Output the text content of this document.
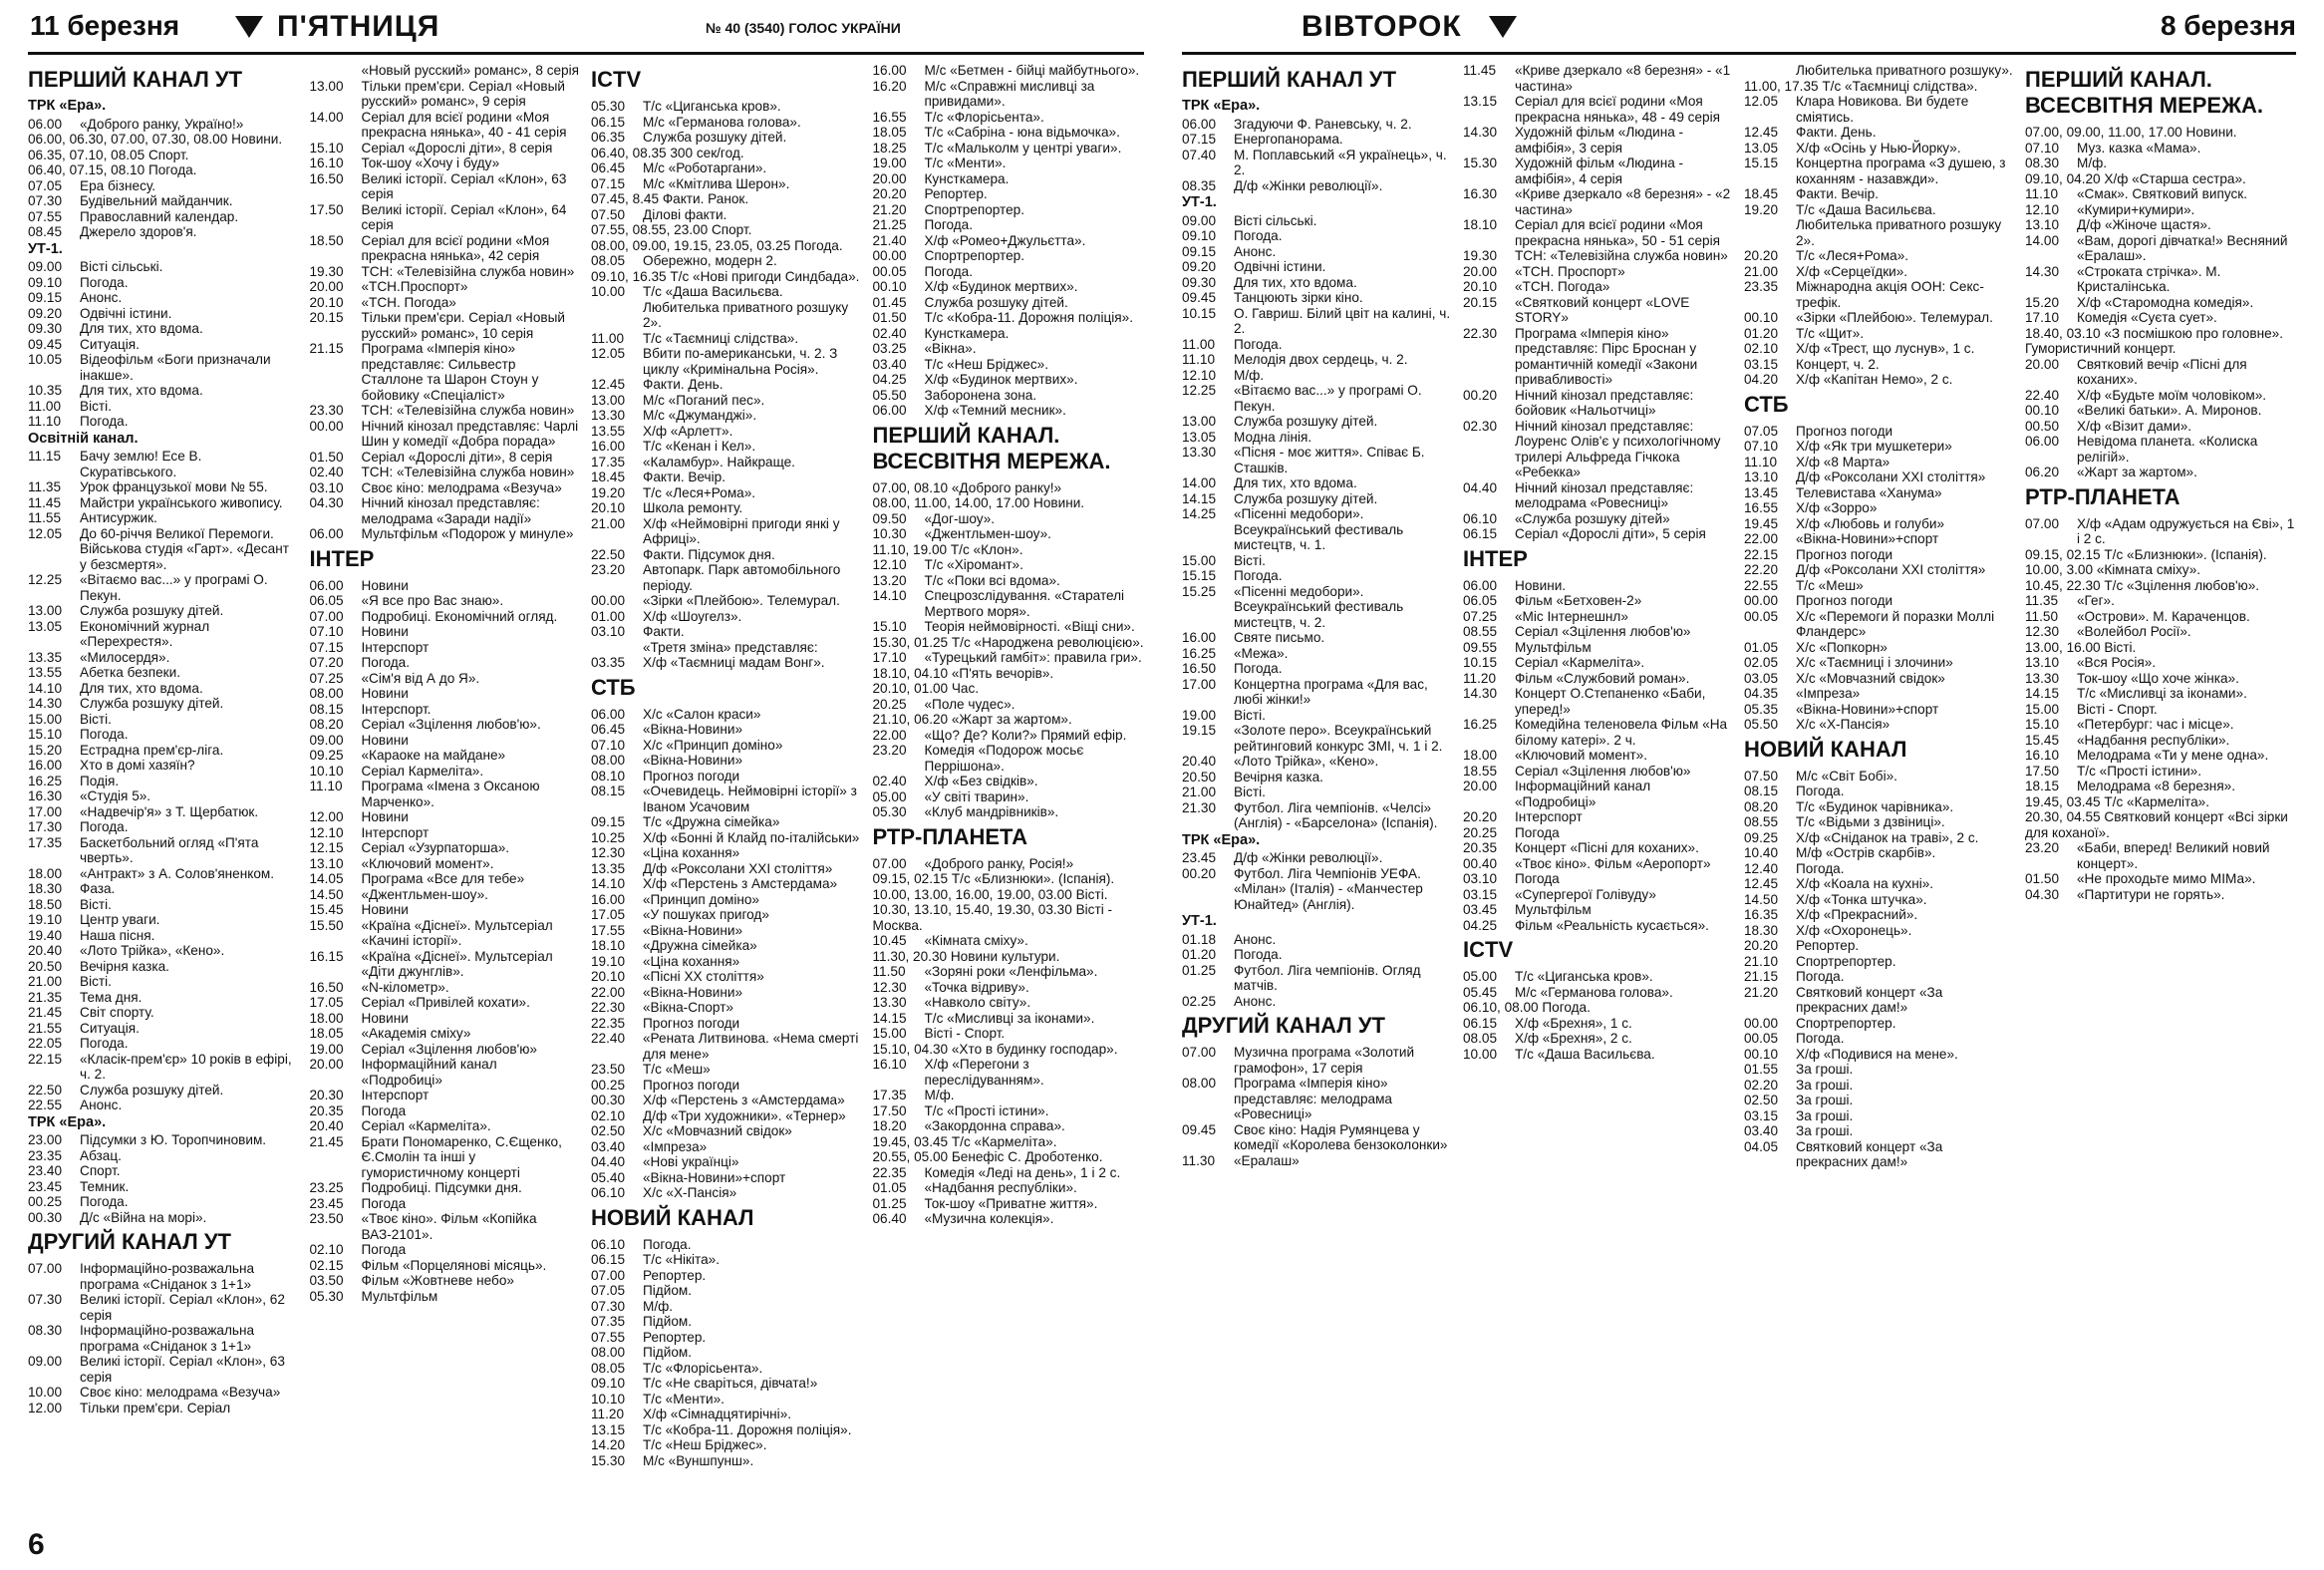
11 березня	П'ЯТНИЦЯ	№ 40 (3540) ГОЛОС УКРАЇНИ
ПЕРШИЙ КАНАЛ УТ
ТРК «Ера».
06.00	«Доброго ранку, Україно!»
06.00, 06.30, 07.00, 07.30, 08.00 Новини.
06.35, 07.10, 08.05 Спорт.
06.40, 07.15, 08.10 Погода.
07.05	Ера бізнесу.
07.30	Будівельний майданчик.
07.55	Православний календар.
08.45	Джерело здоров'я.
УТ-1.
09.00	Вісті сільські.
09.10	Погода.
09.15	Анонс.
09.20	Одвічні істини.
09.30	Для тих, хто вдома.
09.45	Ситуація.
10.05	Відеофільм «Боги призначали інакше».
10.35	Для тих, хто вдома.
11.00	Вісті.
11.10	Погода.
Освітній канал.
11.15	Бачу землю! Есе В. Скуратівського.
11.35	Урок французької мови № 55.
11.45	Майстри українського живопису.
11.55	Антисуржик.
12.05	До 60-річчя Великої Перемоги. Військова студія «Гарт». «Десант у безсмертя».
12.25	«Вітаємо вас...» у програмі О. Пекун.
13.00	Служба розшуку дітей.
13.05	Економічний журнал «Перехрестя».
13.35	«Милосердя».
13.55	Абетка безпеки.
14.10	Для тих, хто вдома.
14.30	Служба розшуку дітей.
15.00	Вісті.
15.10	Погода.
15.20	Естрадна прем'єр-ліга.
16.00	Хто в домі хазяїн?
16.25	Подія.
16.30	«Студія 5».
17.00	«Надвечір'я» з Т. Щербатюк.
17.30	Погода.
17.35	Баскетбольний огляд «П'ята чверть».
18.00	«Антракт» з А. Солов'яненком.
18.30	Фаза.
18.50	Вісті.
19.10	Центр уваги.
19.40	Наша пісня.
20.40	«Лото Трійка», «Кено».
20.50	Вечірня казка.
21.00	Вісті.
21.35	Тема дня.
21.45	Світ спорту.
21.55	Ситуація.
22.05	Погода.
22.15	«Класік-прем'єр» 10 років в ефірі, ч. 2.
22.50	Служба розшуку дітей.
22.55	Анонс.
ТРК «Ера».
23.00	Підсумки з Ю. Торопчиновим.
23.35	Абзац.
23.40	Спорт.
23.45	Темник.
00.25	Погода.
00.30	Д/с «Війна на морі».
ДРУГИЙ КАНАЛ УТ
07.00	Інформаційно-розважальна програма «Сніданок з 1+1»
07.30	Великі історії. Серіал «Клон», 62 серія
08.30	Інформаційно-розважальна програма «Сніданок з 1+1»
09.00	Великі історії. Серіал «Клон», 63 серія
10.00	Своє кіно: мелодрама «Везуча»
12.00	Тільки прем'єри. Серіал
«Новый русский» романс», 8 серія
13.00	Тільки прем'єри. Серіал «Новый русский» романс», 9 серія
14.00	Серіал для всієї родини «Моя прекрасна нянька», 40 - 41 серія
15.10	Серіал «Дорослі діти», 8 серія
16.10	Ток-шоу «Хочу і буду»
16.50	Великі історії. Серіал «Клон», 63 серія
17.50	Великі історії. Серіал «Клон», 64 серія
18.50	Серіал для всієї родини «Моя прекрасна нянька», 42 серія
19.30	ТСН: «Телевізійна служба новин»
20.00	«ТСН.Проспорт»
20.10	«ТСН. Погода»
20.15	Тільки прем'єри. Серіал «Новый русский» романс», 10 серія
21.15	Програма «Імперія кіно» представляє: Сильвестр Сталлоне та Шарон Стоун у бойовику «Спеціаліст»
23.30	ТСН: «Телевізійна служба новин»
00.00	Нічний кінозал представляє: Чарлі Шин у комедії «Добра порада»
01.50	Серіал «Дорослі діти», 8 серія
02.40	ТСН: «Телевізійна служба новин»
03.10	Своє кіно: мелодрама «Везуча»
04.30	Нічний кінозал представляє: мелодрама «Заради надії»
06.00	Мультфільм «Подорож у минуле»
ІНТЕР
06.00	Новини
06.05	«Я все про Вас знаю».
07.00	Подробиці. Економічний огляд.
07.10	Новини
07.15	Інтерспорт
07.20	Погода.
07.25	«Сім'я від А до Я».
08.00	Новини
08.15	Інтерспорт.
08.20	Серіал «Зцілення любов'ю».
09.00	Новини
09.25	«Караоке на майдане»
10.10	Серіал Кармеліта».
11.10	Програма «Імена з Оксаною Марченко».
12.00	Новини
12.10	Інтерспорт
12.15	Серіал «Узурпаторша».
13.10	«Ключовий момент».
14.05	Програма «Все для тебе»
14.50	«Джентльмен-шоу».
15.45	Новини
15.50	«Країна «Діснеї». Мультсеріал «Качині історії».
16.15	«Країна «Діснеї». Мультсеріал «Діти джунглів».
16.50	«N-кілометр».
17.05	Серіал «Привілей кохати».
18.00	Новини
18.05	«Академія сміху»
19.00	Серіал «Зцілення любов'ю»
20.00	Інформаційний канал «Подробиці»
20.30	Інтерспорт
20.35	Погода
20.40	Серіал «Кармеліта».
21.45	Брати Пономаренко, С.Єщенко, Є.Смолін та інші у гумористичному концерті
23.25	Подробиці. Підсумки дня.
23.45	Погода
23.50	«Твоє кіно». Фільм «Копійка ВАЗ-2101».
02.10	Погода
02.15	Фільм «Порцелянові місяць».
03.50	Фільм «Жовтневе небо»
05.30	Мультфільм
ICTV
05.30	Т/с «Циганська кров».
06.15	М/с «Германова голова».
06.35	Служба розшуку дітей.
06.40, 08.35 300 сек/год.
06.45	М/с «Роботаргани».
07.15	М/с «Кмітлива Шерон».
07.45, 8.45 Факти. Ранок.
07.50	Ділові факти.
07.55, 08.55, 23.00 Спорт.
08.00, 09.00, 19.15, 23.05, 03.25 Погода.
08.05	Обережно, модерн 2.
09.10, 16.35 Т/с «Нові пригоди Синдбада».
10.00	Т/с «Даша Васильєва. Любителька приватного розшуку 2».
11.00	Т/с «Таємниці слідства».
12.05	Вбити по-американськи, ч. 2. З циклу «Кримінальна Росія».
12.45	Факти. День.
13.00	М/с «Поганий пес».
13.30	М/с «Джуманджі».
13.55	Х/ф «Арлетт».
16.00	Т/с «Кенан і Кел».
17.35	«Каламбур». Найкраще.
18.45	Факти. Вечір.
19.20	Т/с «Леся+Рома».
20.10	Школа ремонту.
21.00	Х/ф «Неймовірні пригоди янкі у Африці».
22.50	Факти. Підсумок дня.
23.20	Автопарк. Парк автомобільного періоду.
00.00	«Зірки «Плейбою». Телемурал.
01.00	Х/ф «Шоугелз».
03.10	Факти.
«Третя зміна» представляє:
03.35	Х/ф «Таємниці мадам Вонг».
СТБ
06.00	Х/с «Салон краси»
06.45	«Вікна-Новини»
07.10	Х/с «Принцип доміно»
08.00	«Вікна-Новини»
08.10	Прогноз погоди
08.15	«Очевидець. Неймовірні історії» з Іваном Усачовим
09.15	Т/с «Дружна сімейка»
10.25	Х/ф «Бонні й Клайд по-італійськи»
12.30	«Ціна кохання»
13.35	Д/ф «Роксолани XXI століття»
14.10	Х/ф «Перстень з Амстердама»
16.00	«Принцип доміно»
17.05	«У пошуках пригод»
17.55	«Вікна-Новини»
18.10	«Дружна сімейка»
19.10	«Ціна кохання»
20.10	«Пісні XX століття»
22.00	«Вікна-Новини»
22.30	«Вікна-Спорт»
22.35	Прогноз погоди
22.40	«Рената Литвинова. «Нема смерті для мене»
23.50	Т/с «Меш»
00.25	Прогноз погоди
00.30	Х/ф «Перстень з «Амстердама»
02.10	Д/ф «Три художники». «Тернер»
02.50	Х/с «Мовчазний свідок»
03.40	«Імпреза»
04.40	«Нові українці»
05.40	«Вікна-Новини»+спорт
06.10	Х/с «Х-Пансія»
НОВИЙ КАНАЛ
06.10	Погода.
06.15	Т/с «Нікіта».
07.00	Репортер.
07.05	Підйом.
07.30	М/ф.
07.35	Підйом.
07.55	Репортер.
08.00	Підйом.
08.05	Т/с «Флорісьента».
09.10	Т/с «Не сваріться, дівчата!»
10.10	Т/с «Менти».
11.20	Х/ф «Сімнадцятирічні».
13.15	Т/с «Кобра-11. Дорожня поліція».
14.20	Т/с «Неш Бріджес».
15.30	М/с «Вуншпунш».
16.00	М/с «Бетмен - бійці майбутнього».
16.20	М/с «Справжні мисливці за привидами».
16.55	Т/с «Флорісьента».
18.05	Т/с «Сабріна - юна відьмочка».
18.25	Т/с «Мальколм у центрі уваги».
19.00	Т/с «Менти».
20.00	Кунсткамера.
20.20	Репортер.
21.20	Спортрепортер.
21.25	Погода.
21.40	Х/ф «Ромео+Джульєтта».
00.00	Спортрепортер.
00.05	Погода.
00.10	Х/ф «Будинок мертвих».
01.45	Служба розшуку дітей.
01.50	Т/с «Кобра-11. Дорожня поліція».
02.40	Кунсткамера.
03.25	«Вікна».
03.40	Т/с «Неш Бріджес».
04.25	Х/ф «Будинок мертвих».
05.50	Заборонена зона.
06.00	Х/ф «Темний месник».
ПЕРШИЙ КАНАЛ. ВСЕСВІТНЯ МЕРЕЖА.
07.00, 08.10 «Доброго ранку!»
08.00, 11.00, 14.00, 17.00 Новини.
09.50	«Дог-шоу».
10.30	«Джентльмен-шоу».
11.10, 19.00 Т/с «Клон».
12.10	Т/с «Хіромант».
13.20	Т/с «Поки всі вдома».
14.10	Спецрозслідування. «Старателі Мертвого моря».
15.10	Теорія неймовірності. «Віщі сни».
15.30, 01.25 Т/с «Народжена революцією».
17.10	«Турецький гамбіт»: правила гри».
18.10, 04.10 «П'ять вечорів».
20.10, 01.00 Час.
20.25	«Поле чудес».
21.10, 06.20 «Жарт за жартом».
22.00	«Що? Де? Коли?» Прямий ефір.
23.20	Комедія «Подорож мосьє Перрішона».
02.40	Х/ф «Без свідків».
05.00	«У світі тварин».
05.30	«Клуб мандрівників».
РТР-ПЛАНЕТА
07.00	«Доброго ранку, Росія!»
09.15, 02.15 Т/с «Близнюки». (Іспанія).
10.00, 13.00, 16.00, 19.00, 03.00 Вісті.
10.30, 13.10, 15.40, 19.30, 03.30 Вісті - Москва.
10.45	«Кімната сміху».
11.30, 20.30 Новини культури.
11.50	«Зоряні роки «Ленфільма».
12.30	«Точка відриву».
13.30	«Навколо світу».
14.15	Т/с «Мисливці за іконами».
15.00	Вісті - Спорт.
15.10, 04.30 «Хто в будинку господар».
16.10	Х/ф «Перегони з переслідуванням».
17.35	М/ф.
17.50	Т/с «Прості істини».
18.20	«Закордонна справа».
19.45, 03.45 Т/с «Кармеліта».
20.55, 05.00 Бенефіс С. Дроботенко.
22.35	Комедія «Леді на день», 1 і 2 с.
01.05	«Надбання республіки».
01.25	Ток-шоу «Приватне життя».
06.40	«Музична колекція».
6
ВІВТОРОК	8 березня
ПЕРШИЙ КАНАЛ УТ
ТРК «Ера».
06.00	Згадуючи Ф. Раневську, ч. 2.
07.15	Енергопанорама.
07.40	М. Поплавський «Я українець», ч. 2.
08.35	Д/ф «Жінки революції».
УТ-1.
09.00	Вісті сільські.
09.10	Погода.
09.15	Анонс.
09.20	Одвічні істини.
09.30	Для тих, хто вдома.
09.45	Танцюють зірки кіно.
10.15	О. Гавриш. Білий цвіт на калині, ч. 2.
11.00	Погода.
11.10	Мелодія двох сердець, ч. 2.
12.10	М/ф.
12.25	«Вітаємо вас...» у програмі О. Пекун.
13.00	Служба розшуку дітей.
13.05	Модна лінія.
13.30	«Пісня - моє життя». Співає Б. Сташків.
14.00	Для тих, хто вдома.
14.15	Служба розшуку дітей.
14.25	«Пісенні медобори». Всеукраїнський фестиваль мистецтв, ч. 1.
15.00	Вісті.
15.15	Погода.
15.25	«Пісенні медобори». Всеукраїнський фестиваль мистецтв, ч. 2.
16.00	Святе письмо.
16.25	«Межа».
16.50	Погода.
17.00	Концертна програма «Для вас, любі жінки!»
19.00	Вісті.
19.15	«Золоте перо». Всеукраїнський рейтинговий конкурс ЗМІ, ч. 1 і 2.
20.40	«Лото Трійка», «Кено».
20.50	Вечірня казка.
21.00	Вісті.
21.30	Футбол. Ліга чемпіонів. «Челсі» (Англія) - «Барселона» (Іспанія).
ТРК «Ера».
23.45	Д/ф «Жінки революції».
00.20	Футбол. Ліга Чемпіонів УЕФА. «Мілан» (Італія) - «Манчестер Юнайтед» (Англія).
УТ-1.
01.18	Анонс.
01.20	Погода.
01.25	Футбол. Ліга чемпіонів. Огляд матчів.
02.25	Анонс.
ДРУГИЙ КАНАЛ УТ
07.00	Музична програма «Золотий грамофон», 17 серія
08.00	Програма «Імперія кіно» представляє: мелодрама «Ровесниці»
09.45	Своє кіно: Надія Румянцева у комедії «Королева бензоколонки»
11.30	«Ералаш»
11.45	«Криве дзеркало «8 березня» - «1 частина»
13.15	Серіал для всієї родини «Моя прекрасна нянька», 48 - 49 серія
14.30	Художній фільм «Людина - амфібія», 3 серія
15.30	Художній фільм «Людина - амфібія», 4 серія
16.30	«Криве дзеркало «8 березня» - «2 частина»
18.10	Серіал для всієї родини «Моя прекрасна нянька», 50 - 51 серія
19.30	ТСН: «Телевізійна служба новин»
20.00	«ТСН. Проспорт»
20.10	«ТСН. Погода»
20.15	«Святковий концерт «LOVE STORY»
22.30	Програма «Імперія кіно» представляє: Пірс Броснан у романтичній комедії «Закони привабливості»
00.20	Нічний кінозал представляє: бойовик «Нальотчиці»
02.30	Нічний кінозал представляє: Лоуренс Олів'є у психологічному трилері Альфреда Гічкока «Ребекка»
04.40	Нічний кінозал представляє: мелодрама «Ровесниці»
06.10	«Служба розшуку дітей»
06.15	Серіал «Дорослі діти», 5 серія
ІНТЕР
06.00	Новини.
06.05	Фільм «Бетховен-2»
07.25	«Міс Інтернешнл»
08.55	Серіал «Зцілення любов'ю»
09.55	Мультфільм
10.15	Серіал «Кармеліта».
11.20	Фільм «Службовий роман».
14.30	Концерт О.Степаненко «Баби, уперед!»
16.25	Комедійна теленовела Фільм «На білому катері». 2 ч.
18.00	«Ключовий момент».
18.55	Серіал «Зцілення любов'ю»
20.00	Інформаційний канал «Подробиці»
20.20	Інтерспорт
20.25	Погода
20.35	Концерт «Пісні для коханих».
00.40	«Твоє кіно». Фільм «Аеропорт»
03.10	Погода
03.15	«Супергерої Голівуду»
03.45	Мультфільм
04.25	Фільм «Реальність кусається».
ICTV
05.00	Т/с «Циганська кров».
05.45	М/с «Германова голова».
06.10, 08.00 Погода.
06.15	Х/ф «Брехня», 1 с.
08.05	Х/ф «Брехня», 2 с.
10.00	Т/с «Даша Васильєва.
Любителька приватного розшуку».
11.00, 17.35 Т/с «Таємниці слідства».
12.05	Клара Новикова. Ви будете сміятись.
12.45	Факти. День.
13.05	Х/ф «Осінь у Нью-Йорку».
15.15	Концертна програма «З душею, з коханням - назавжди».
18.45	Факти. Вечір.
19.20	Т/с «Даша Васильєва. Любителька приватного розшуку 2».
20.20	Т/с «Леся+Рома».
21.00	Х/ф «Серцеїдки».
23.35	Міжнародна акція ООН: Секс-трефік.
00.10	«Зірки «Плейбою». Телемурал.
01.20	Т/с «Щит».
02.10	Х/ф «Трест, що луснув», 1 с.
03.15	Концерт, ч. 2.
04.20	Х/ф «Капітан Немо», 2 с.
СТБ
07.05	Прогноз погоди
07.10	Х/ф «Як три мушкетери»
11.10	Х/ф «8 Марта»
13.10	Д/ф «Роксолани XXI століття»
13.45	Телевистава «Ханума»
16.55	Х/ф «Зорро»
19.45	Х/ф «Любовь и голуби»
22.00	«Вікна-Новини»+спорт
22.15	Прогноз погоди
22.20	Д/ф «Роксолани XXI століття»
22.55	Т/с «Меш»
00.00	Прогноз погоди
00.05	Х/с «Перемоги й поразки Моллі Фландерс»
01.05	Х/с «Попкорн»
02.05	Х/с «Таємниці і злочини»
03.05	Х/с «Мовчазний свідок»
04.35	«Імпреза»
05.35	«Вікна-Новини»+спорт
05.50	Х/с «Х-Пансія»
НОВИЙ КАНАЛ
07.50	М/с «Світ Бобі».
08.15	Погода.
08.20	Т/с «Будинок чарівника».
08.55	Т/с «Відьми з дзвіниці».
09.25	Х/ф «Сніданок на траві», 2 с.
10.40	М/ф «Острів скарбів».
12.40	Погода.
12.45	Х/ф «Коала на кухні».
14.50	Х/ф «Тонка штучка».
16.35	Х/ф «Прекрасний».
18.30	Х/ф «Охоронець».
20.20	Репортер.
21.10	Спортрепортер.
21.15	Погода.
21.20	Святковий концерт «За прекрасних дам!»
00.00	Спортрепортер.
00.05	Погода.
00.10	Х/ф «Подивися на мене».
01.55	За гроші.
02.20	За гроші.
02.50	За гроші.
03.15	За гроші.
03.40	За гроші.
04.05	Святковий концерт «За прекрасних дам!»
ПЕРШИЙ КАНАЛ. ВСЕСВІТНЯ МЕРЕЖА.
07.00, 09.00, 11.00, 17.00 Новини.
07.10	Муз. казка «Мама».
08.30	М/ф.
09.10, 04.20 Х/ф «Старша сестра».
11.10	«Смак». Святковий випуск.
12.10	«Кумири+кумири».
13.10	Д/ф «Жіноче щастя».
14.00	«Вам, дорогі дівчатка!» Весняний «Ералаш».
14.30	«Строката стрічка». М. Кристалінська.
15.20	Х/ф «Старомодна комедія».
17.10	Комедія «Суєта сует».
18.40, 03.10 «З посмішкою про головне». Гумористичний концерт.
20.00	Святковий вечір «Пісні для коханих».
22.40	Х/ф «Будьте моїм чоловіком».
00.10	«Великі батьки». А. Миронов.
00.50	Х/ф «Візит дами».
06.00	Невідома планета. «Колиска релігій».
06.20	«Жарт за жартом».
РТР-ПЛАНЕТА
07.00	Х/ф «Адам одружується на Єві», 1 і 2 с.
09.15, 02.15 Т/с «Близнюки». (Іспанія).
10.00, 3.00 «Кімната сміху».
10.45, 22.30 Т/с «Зцілення любов'ю».
11.35	«Гег».
11.50	«Острови». М. Караченцов.
12.30	«Волейбол Росії».
13.00, 16.00 Вісті.
13.10	«Вся Росія».
13.30	Ток-шоу «Що хоче жінка».
14.15	Т/с «Мисливці за іконами».
15.00	Вісті - Спорт.
15.10	«Петербург: час і місце».
15.45	«Надбання республіки».
16.10	Мелодрама «Ти у мене одна».
17.50	Т/с «Прості істини».
18.15	Мелодрама «8 березня».
19.45, 03.45 Т/с «Кармеліта».
20.30, 04.55 Святковий концерт «Всі зірки для коханої».
23.20	«Баби, вперед! Великий новий концерт».
01.50	«Не проходьте мимо МІМа».
04.30	«Партитури не горять».
